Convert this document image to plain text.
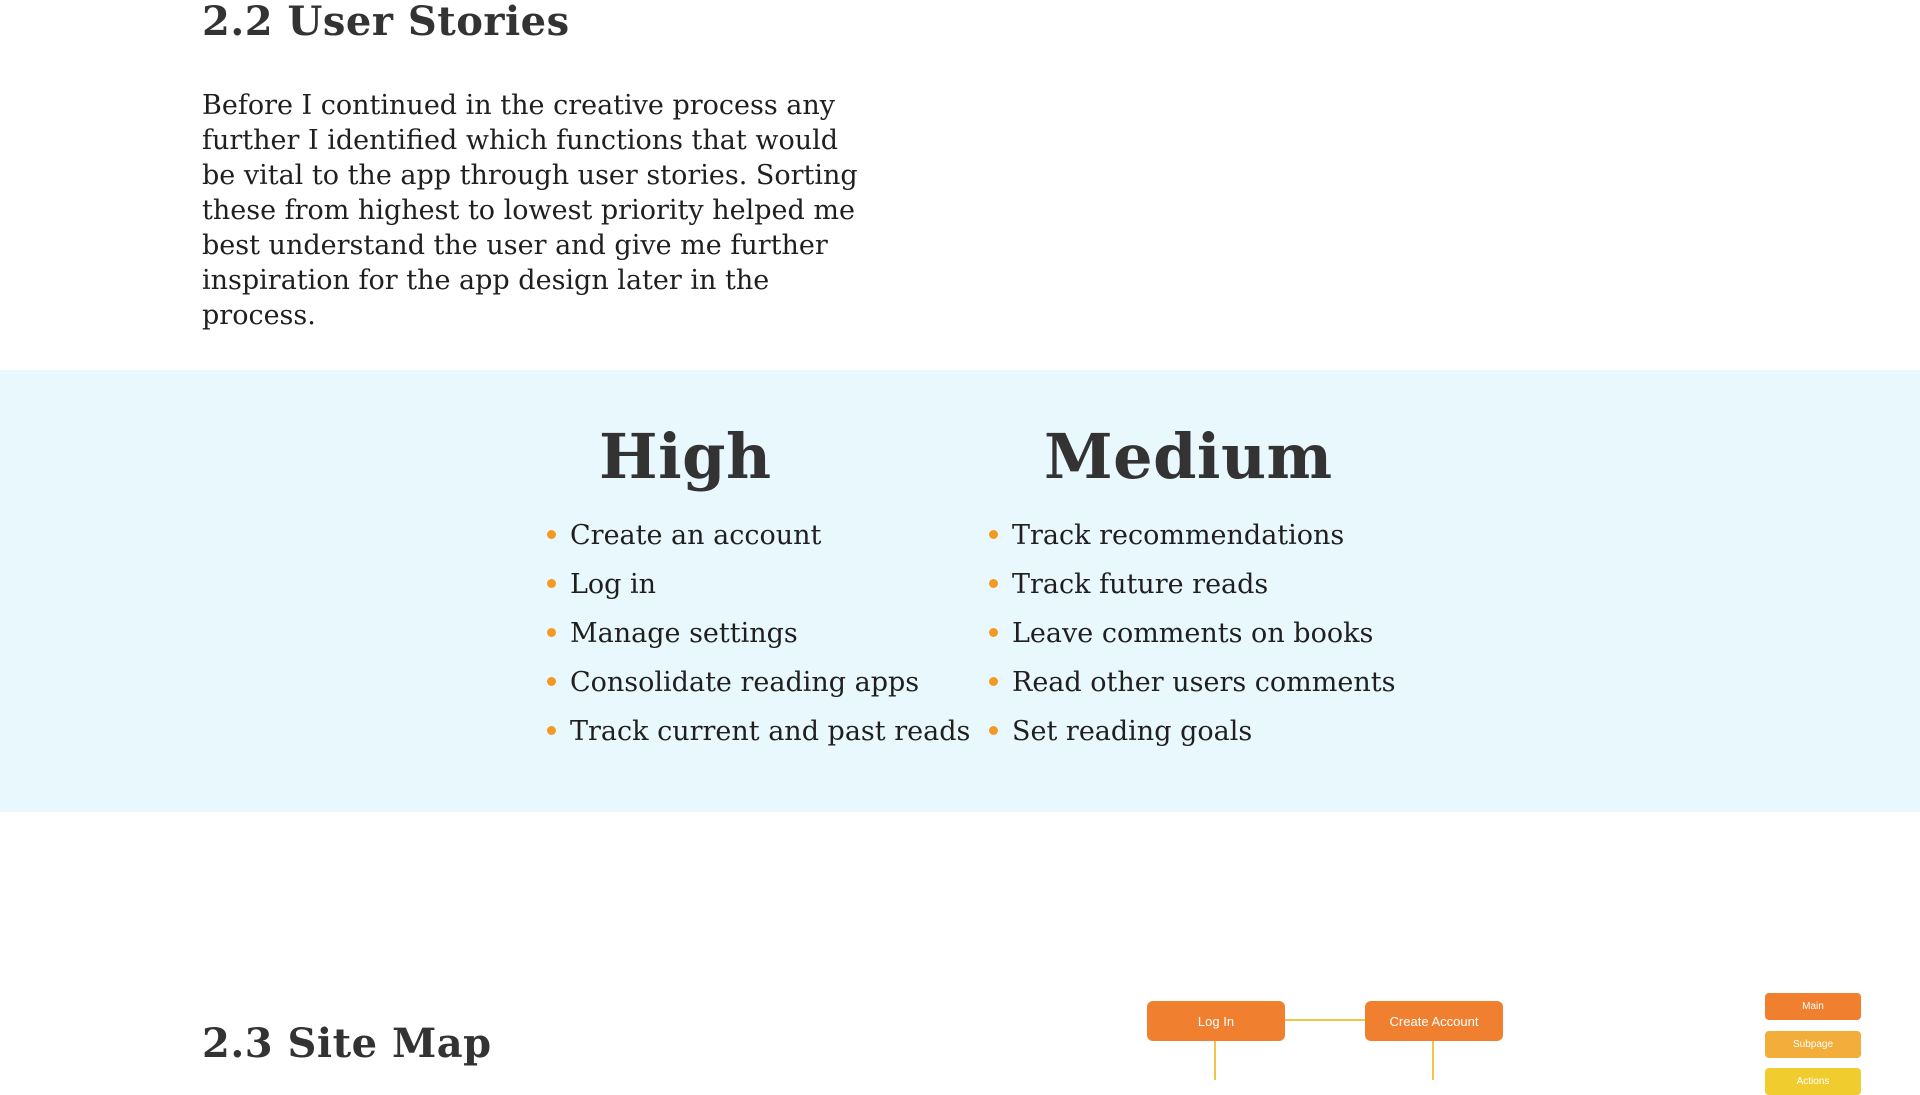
2.2 User Stories

Before I continued in the creative process any further I identified which functions that would be vital to the app through user stories. Sorting these from highest to lowest priority helped me best understand the user and give me further inspiration for the app design later in the process.

High
Create an account
Log in
Manage settings
Consolidate reading apps
Track current and past reads
Medium
Track recommendations
Track future reads
Leave comments on books
Read other users comments
Set reading goals
2.3 Site Map	Log In	Create Account
Main
Subpage
Actions
